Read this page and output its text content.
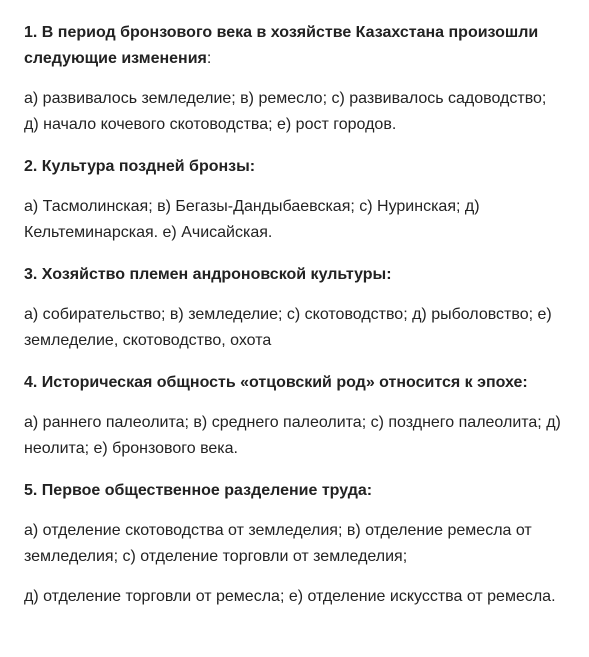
1. В период бронзового века в хозяйстве Казахстана произошли следующие изменения:

а) развивалось земледелие; в) ремесло; с) развивалось садоводство; д) начало кочевого скотоводства; е) рост городов.

2. Культура поздней бронзы:

а) Тасмолинская; в) Бегазы-Дандыбаевская; с) Нуринская; д) Кельтеминарская. е) Ачисайская.

3. Хозяйство племен андроновской культуры:

а) собирательство; в) земледелие; с) скотоводство; д) рыболовство; е) земледелие, скотоводство, охота

4. Историческая общность «отцовский род» относится к эпохе:

а) раннего палеолита; в) среднего палеолита; с) позднего палеолита; д) неолита; е) бронзового века.

5. Первое общественное разделение труда:

а) отделение скотоводства от земледелия; в) отделение ремесла от земледелия; с) отделение торговли от земледелия;

д) отделение торговли от ремесла; е) отделение искусства от ремесла.
